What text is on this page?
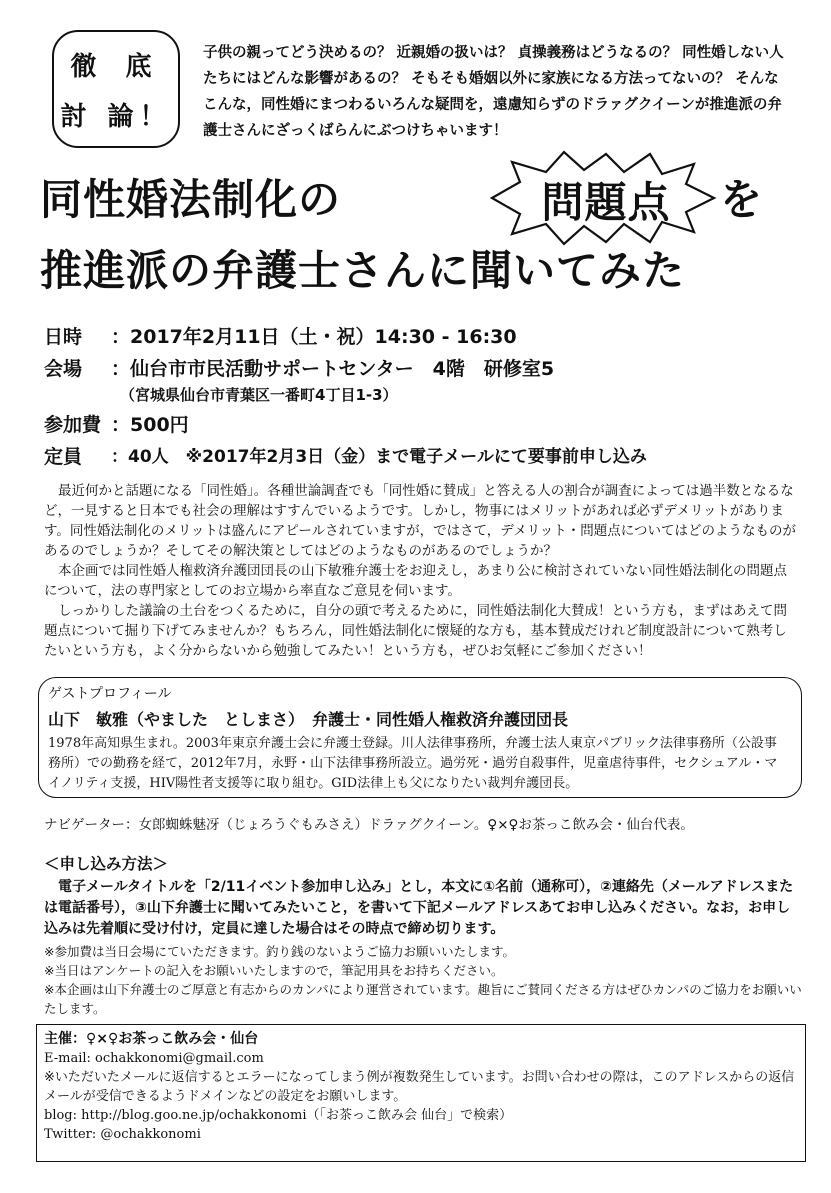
徹 底
討 論！
子供の親ってどう決めるの？ 近親婚の扱いは？ 貞操義務はどうなるの？ 同性婚しない人たちにはどんな影響があるの？ そもそも婚姻以外に家族になる方法ってないの？ そんなこんな，同性婚にまつわるいろんな疑問を，遠慮知らずのドラァグクイーンが推進派の弁護士さんにざっくばらんにぶつけちゃいます！
同性婚法制化の	問題点	を
推進派の弁護士さんに聞いてみた
日時 ：2017年2月11日（土・祝）14:30 - 16:30
会場 ：仙台市市民活動サポートセンター　4階　研修室5
（宮城県仙台市青葉区一番町4丁目1-3）
参加費 ：500円
定員 ：40人　※2017年2月3日（金）まで電子メールにて要事前申し込み

最近何かと話題になる「同性婚」。各種世論調査でも「同性婚に賛成」と答える人の割合が調査によっては過半数となるなど，一見すると日本でも社会の理解はすすんでいるようです。しかし，物事にはメリットがあれば必ずデメリットがあります。同性婚法制化のメリットは盛んにアピールされていますが，ではさて，デメリット・問題点についてはどのようなものがあるのでしょうか？そしてその解決策としてはどのようなものがあるのでしょうか？

本企画では同性婚人権救済弁護団団長の山下敏雅弁護士をお迎えし，あまり公に検討されていない同性婚法制化の問題点について，法の専門家としてのお立場から率直なご意見を伺います。

しっかりした議論の土台をつくるために，自分の頭で考えるために，同性婚法制化大賛成！という方も，まずはあえて問題点について掘り下げてみませんか？もちろん，同性婚法制化に懐疑的な方も，基本賛成だけれど制度設計について熟考したいという方も，よく分からないから勉強してみたい！という方も，ぜひお気軽にご参加ください！

ゲストプロフィール
山下　敏雅（やました　としまさ）　弁護士・同性婚人権救済弁護団団長
1978年高知県生まれ。2003年東京弁護士会に弁護士登録。川人法律事務所，弁護士法人東京パブリック法律事務所（公設事務所）での勤務を経て，2012年7月，永野・山下法律事務所設立。過労死・過労自殺事件，児童虐待事件，セクシュアル・マイノリティ支援，HIV陽性者支援等に取り組む。GID法律上も父になりたい裁判弁護団長。
ナビゲーター：女郎蜘蛛魅冴（じょろうぐもみさえ）ドラァグクイーン。♀×♀お茶っこ飲み会・仙台代表。
＜申し込み方法＞

電子メールタイトルを「2/11イベント参加申し込み」とし，本文に①名前（通称可），②連絡先（メールアドレスまたは電話番号），③山下弁護士に聞いてみたいこと，を書いて下記メールアドレスあてお申し込みください。なお，お申し込みは先着順に受け付け，定員に達した場合はその時点で締め切ります。

※参加費は当日会場にていただきます。釣り銭のないようご協力お願いいたします。
※当日はアンケートの記入をお願いいたしますので，筆記用具をお持ちください。
※本企画は山下弁護士のご厚意と有志からのカンパにより運営されています。趣旨にご賛同くださる方はぜひカンパのご協力をお願いいたします。
主催：♀×♀お茶っこ飲み会・仙台
E-mail: ochakkonomi@gmail.com
※いただいたメールに返信するとエラーになってしまう例が複数発生しています。お問い合わせの際は，このアドレスからの返信メールが受信できるようドメインなどの設定をお願いします。
blog: http://blog.goo.ne.jp/ochakkonomi（「お茶っこ飲み会 仙台」で検索）
Twitter: @ochakkonomi
